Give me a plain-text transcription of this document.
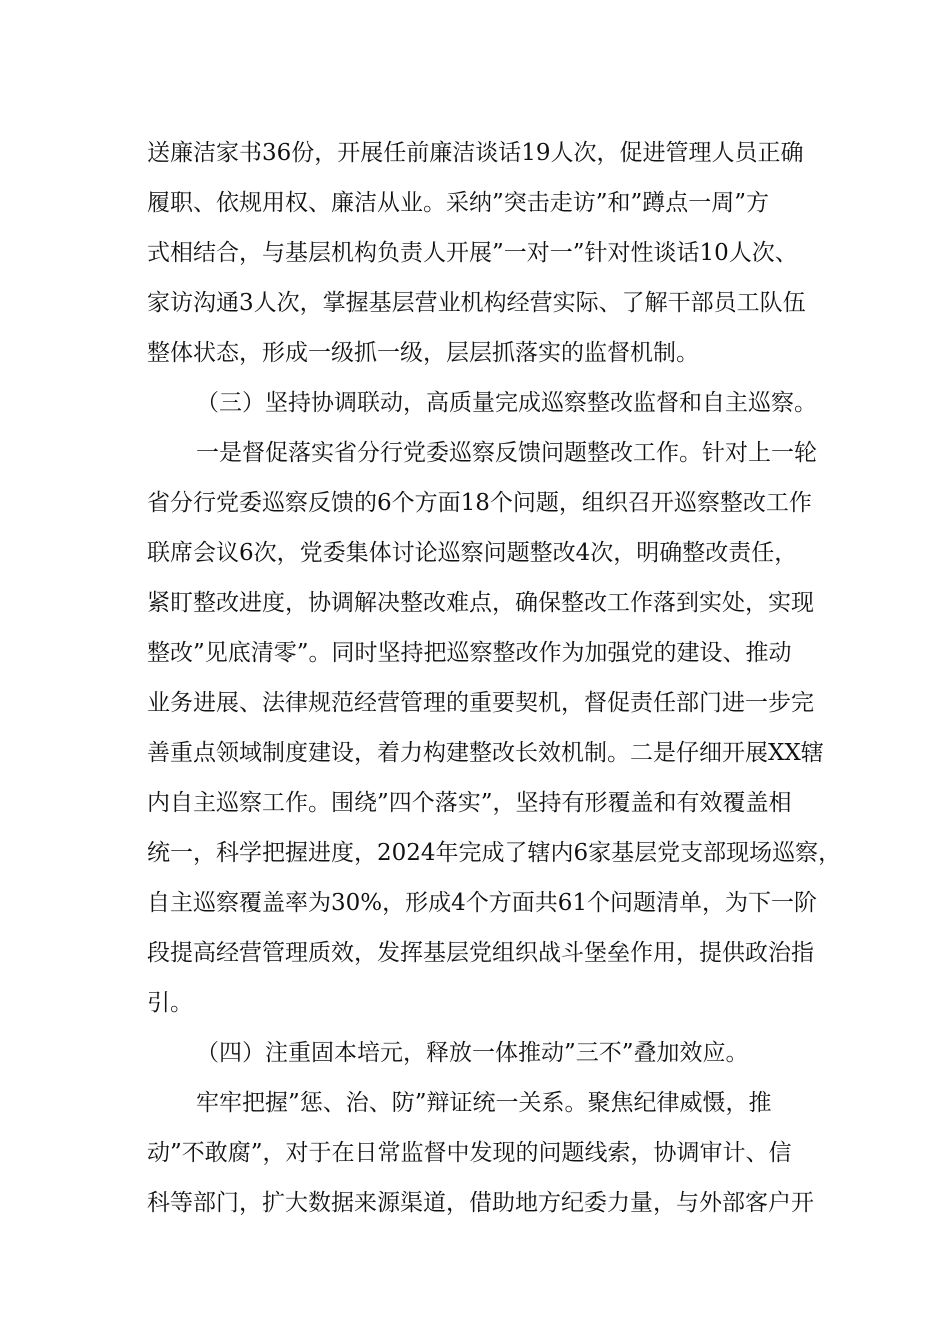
送廉洁家书36份，开展任前廉洁谈话19人次，促进管理人员正确

履职、依规用权、廉洁从业。采纳”突击走访”和”蹲点一周”方

式相结合，与基层机构负责人开展”一对一”针对性谈话10人次、

家访沟通3人次，掌握基层营业机构经营实际、了解干部员工队伍

整体状态，形成一级抓一级，层层抓落实的监督机制。

（三）坚持协调联动，高质量完成巡察整改监督和自主巡察。

一是督促落实省分行党委巡察反馈问题整改工作。针对上一轮

省分行党委巡察反馈的6个方面18个问题，组织召开巡察整改工作

联席会议6次，党委集体讨论巡察问题整改4次，明确整改责任，

紧盯整改进度，协调解决整改难点，确保整改工作落到实处，实现

整改”见底清零”。同时坚持把巡察整改作为加强党的建设、推动

业务进展、法律规范经营管理的重要契机，督促责任部门进一步完

善重点领域制度建设，着力构建整改长效机制。二是仔细开展XX辖

内自主巡察工作。围绕”四个落实”，坚持有形覆盖和有效覆盖相

统一，科学把握进度，2024年完成了辖内6家基层党支部现场巡察，

自主巡察覆盖率为30%，形成4个方面共61个问题清单，为下一阶

段提高经营管理质效，发挥基层党组织战斗堡垒作用，提供政治指

引。

（四）注重固本培元，释放一体推动”三不”叠加效应。

牢牢把握”惩、治、防”辩证统一关系。聚焦纪律威慑，推

动”不敢腐”，对于在日常监督中发现的问题线索，协调审计、信

科等部门，扩大数据来源渠道，借助地方纪委力量，与外部客户开
